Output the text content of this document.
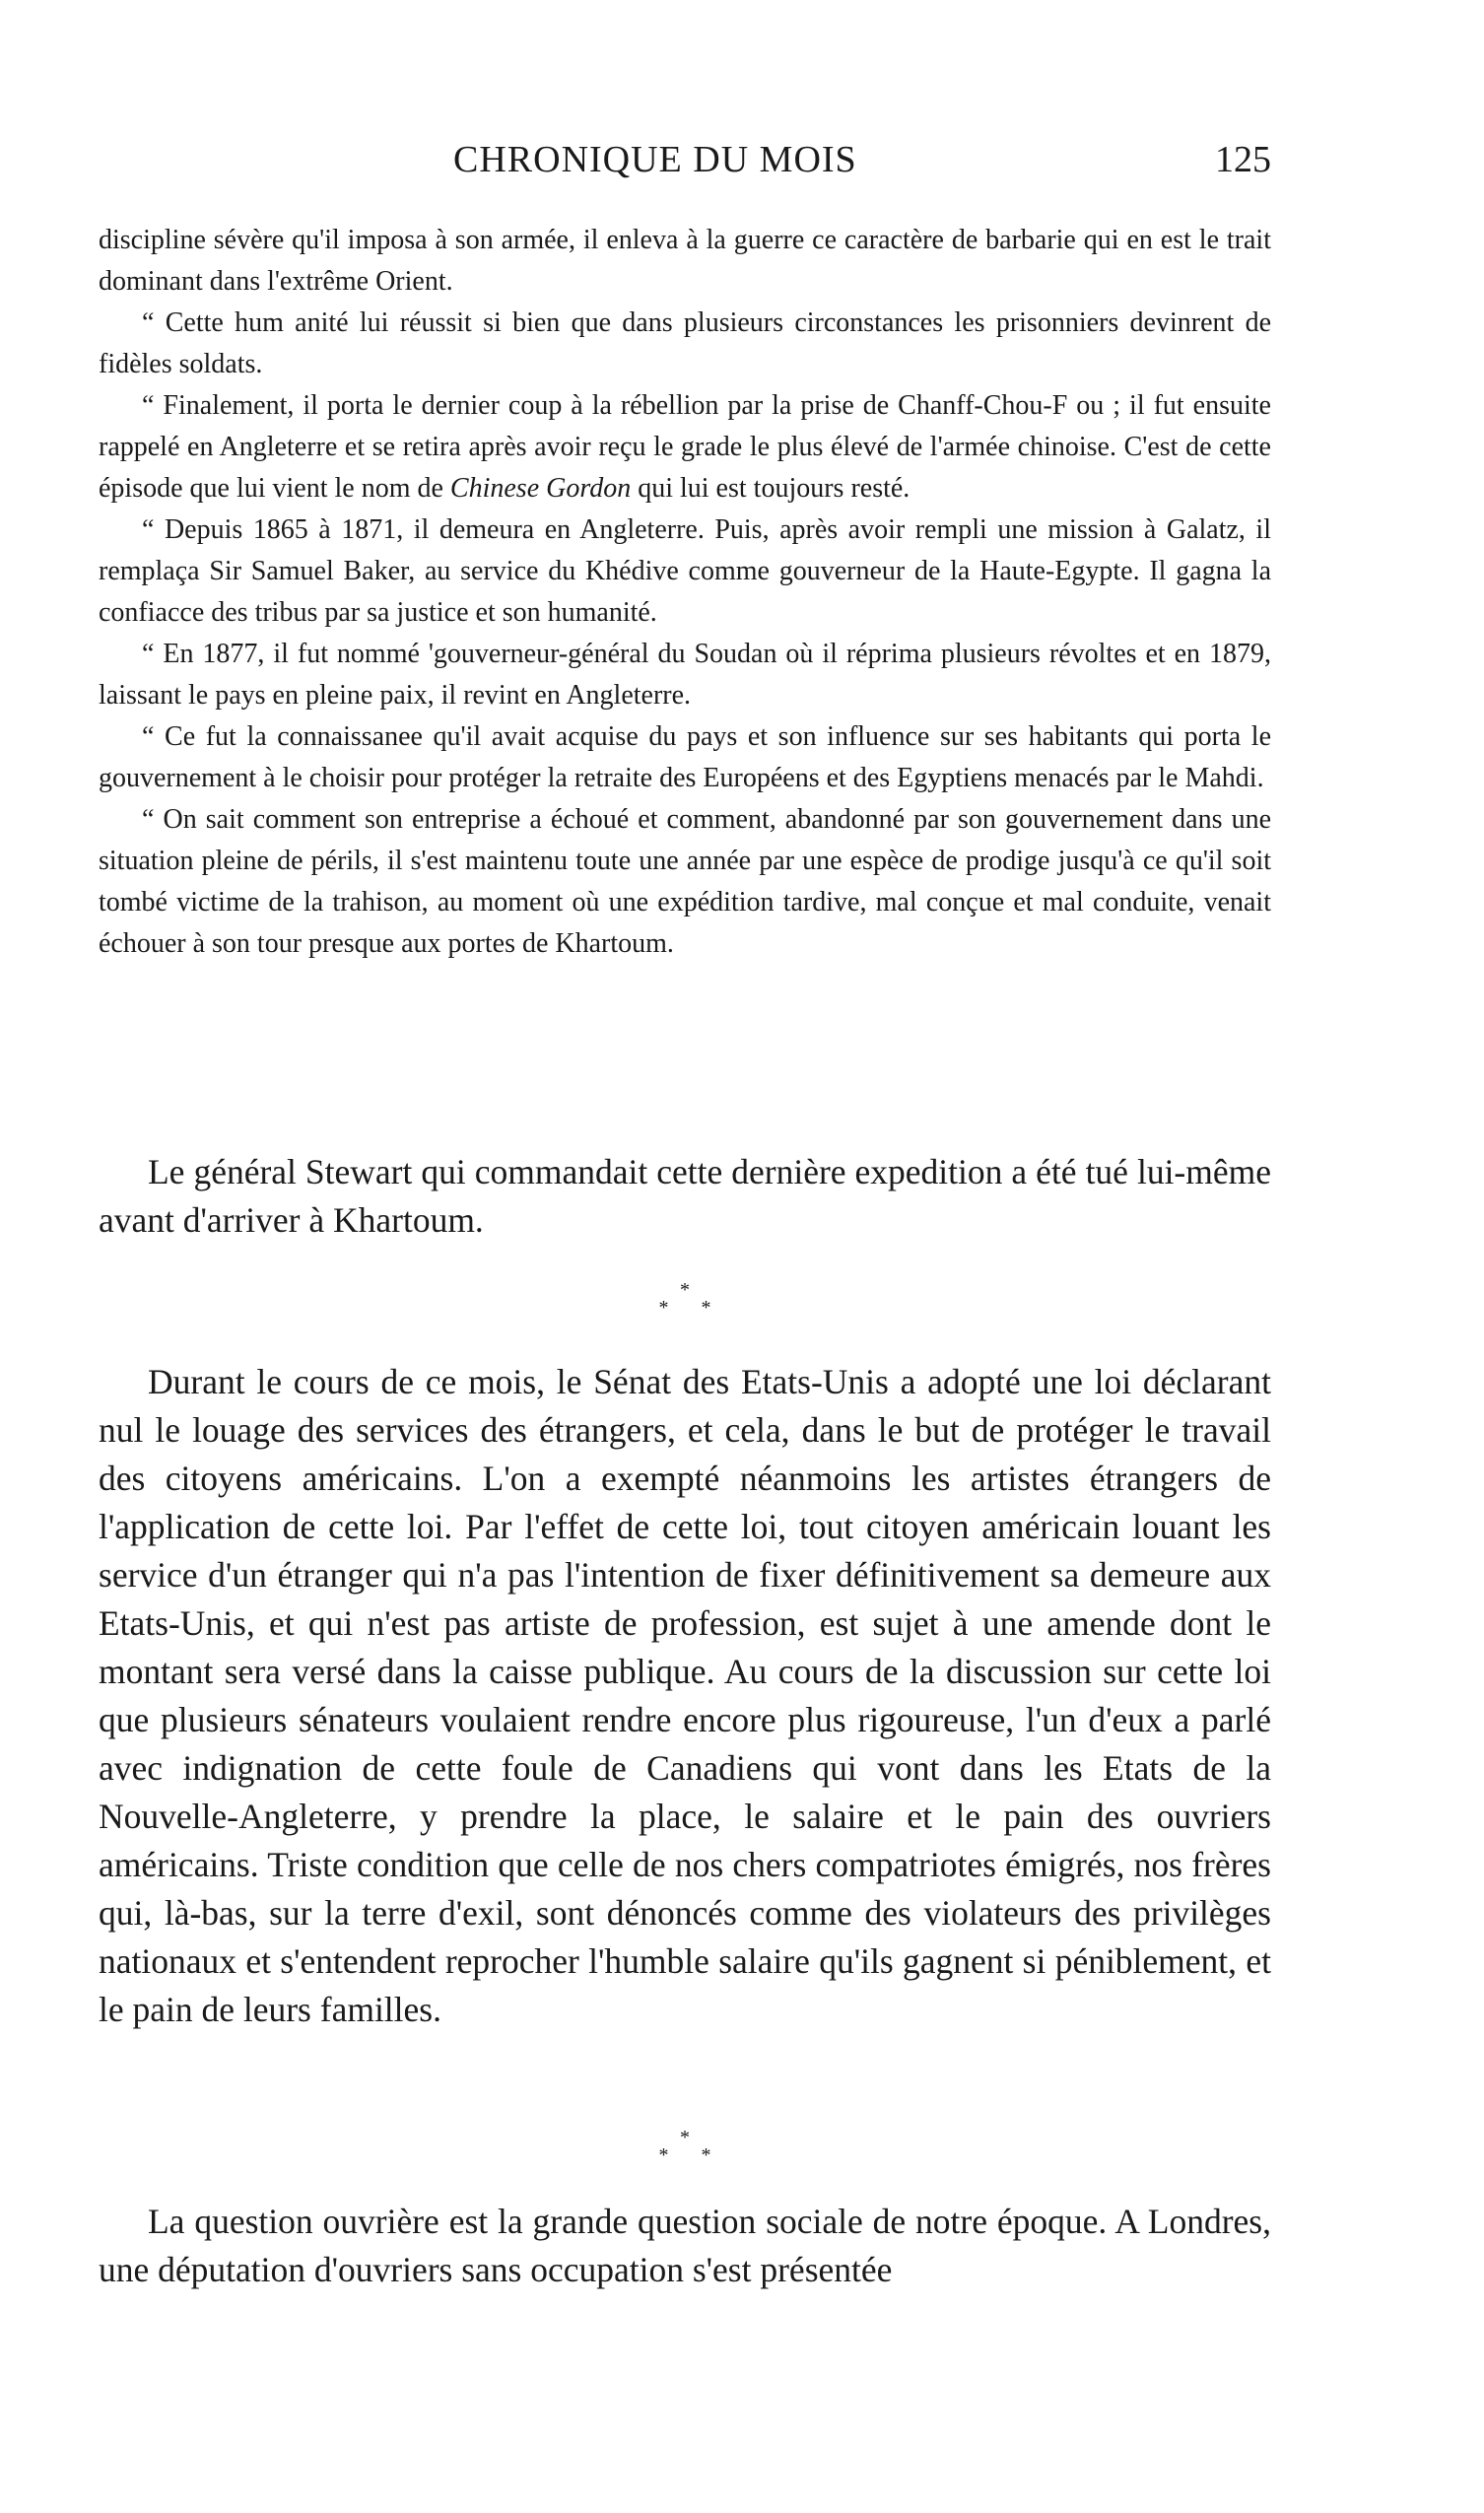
CHRONIQUE DU MOIS	125

discipline sévère qu'il imposa à son armée, il enleva à la guerre ce caractère de barbarie qui en est le trait dominant dans l'extrême Orient.

“ Cette hum anité lui réussit si bien que dans plusieurs circonstances les prisonniers devinrent de fidèles soldats.

“ Finalement, il porta le dernier coup à la rébellion par la prise de Chanff-Chou-F ou ; il fut ensuite rappelé en Angleterre et se retira après avoir reçu le grade le plus élevé de l'armée chinoise. C'est de cette épisode que lui vient le nom de Chinese Gordon qui lui est toujours resté.

“ Depuis 1865 à 1871, il demeura en Angleterre. Puis, après avoir rempli une mission à Galatz, il remplaça Sir Samuel Baker, au service du Khédive comme gouverneur de la Haute-Egypte. Il gagna la confiacce des tribus par sa justice et son humanité.

“ En 1877, il fut nommé 'gouverneur-général du Soudan où il réprima plusieurs révoltes et en 1879, laissant le pays en pleine paix, il revint en Angleterre.

“ Ce fut la connaissanee qu'il avait acquise du pays et son influence sur ses habitants qui porta le gouvernement à le choisir pour protéger la retraite des Européens et des Egyptiens menacés par le Mahdi.

“ On sait comment son entreprise a échoué et comment, abandonné par son gouvernement dans une situation pleine de périls, il s'est maintenu toute une année par une espèce de prodige jusqu'à ce qu'il soit tombé victime de la trahison, au moment où une expédition tardive, mal conçue et mal conduite, venait échouer à son tour presque aux portes de Khartoum.

Le général Stewart qui commandait cette dernière expedition a été tué lui-même avant d'arriver à Khartoum.

*
* *

Durant le cours de ce mois, le Sénat des Etats-Unis a adopté une loi déclarant nul le louage des services des étrangers, et cela, dans le but de protéger le travail des citoyens américains. L'on a exempté néanmoins les artistes étrangers de l'application de cette loi. Par l'effet de cette loi, tout citoyen américain louant les service d'un étranger qui n'a pas l'intention de fixer définitivement sa demeure aux Etats-Unis, et qui n'est pas artiste de profession, est sujet à une amende dont le montant sera versé dans la caisse publique. Au cours de la discussion sur cette loi que plusieurs sénateurs voulaient rendre encore plus rigoureuse, l'un d'eux a parlé avec indignation de cette foule de Canadiens qui vont dans les Etats de la Nouvelle-Angleterre, y prendre la place, le salaire et le pain des ouvriers américains. Triste condition que celle de nos chers compatriotes émigrés, nos frères qui, là-bas, sur la terre d'exil, sont dénoncés comme des violateurs des privilèges nationaux et s'entendent reprocher l'humble salaire qu'ils gagnent si péniblement, et le pain de leurs familles.

*
* *

La question ouvrière est la grande question sociale de notre époque. A Londres, une députation d'ouvriers sans occupation s'est présentée
